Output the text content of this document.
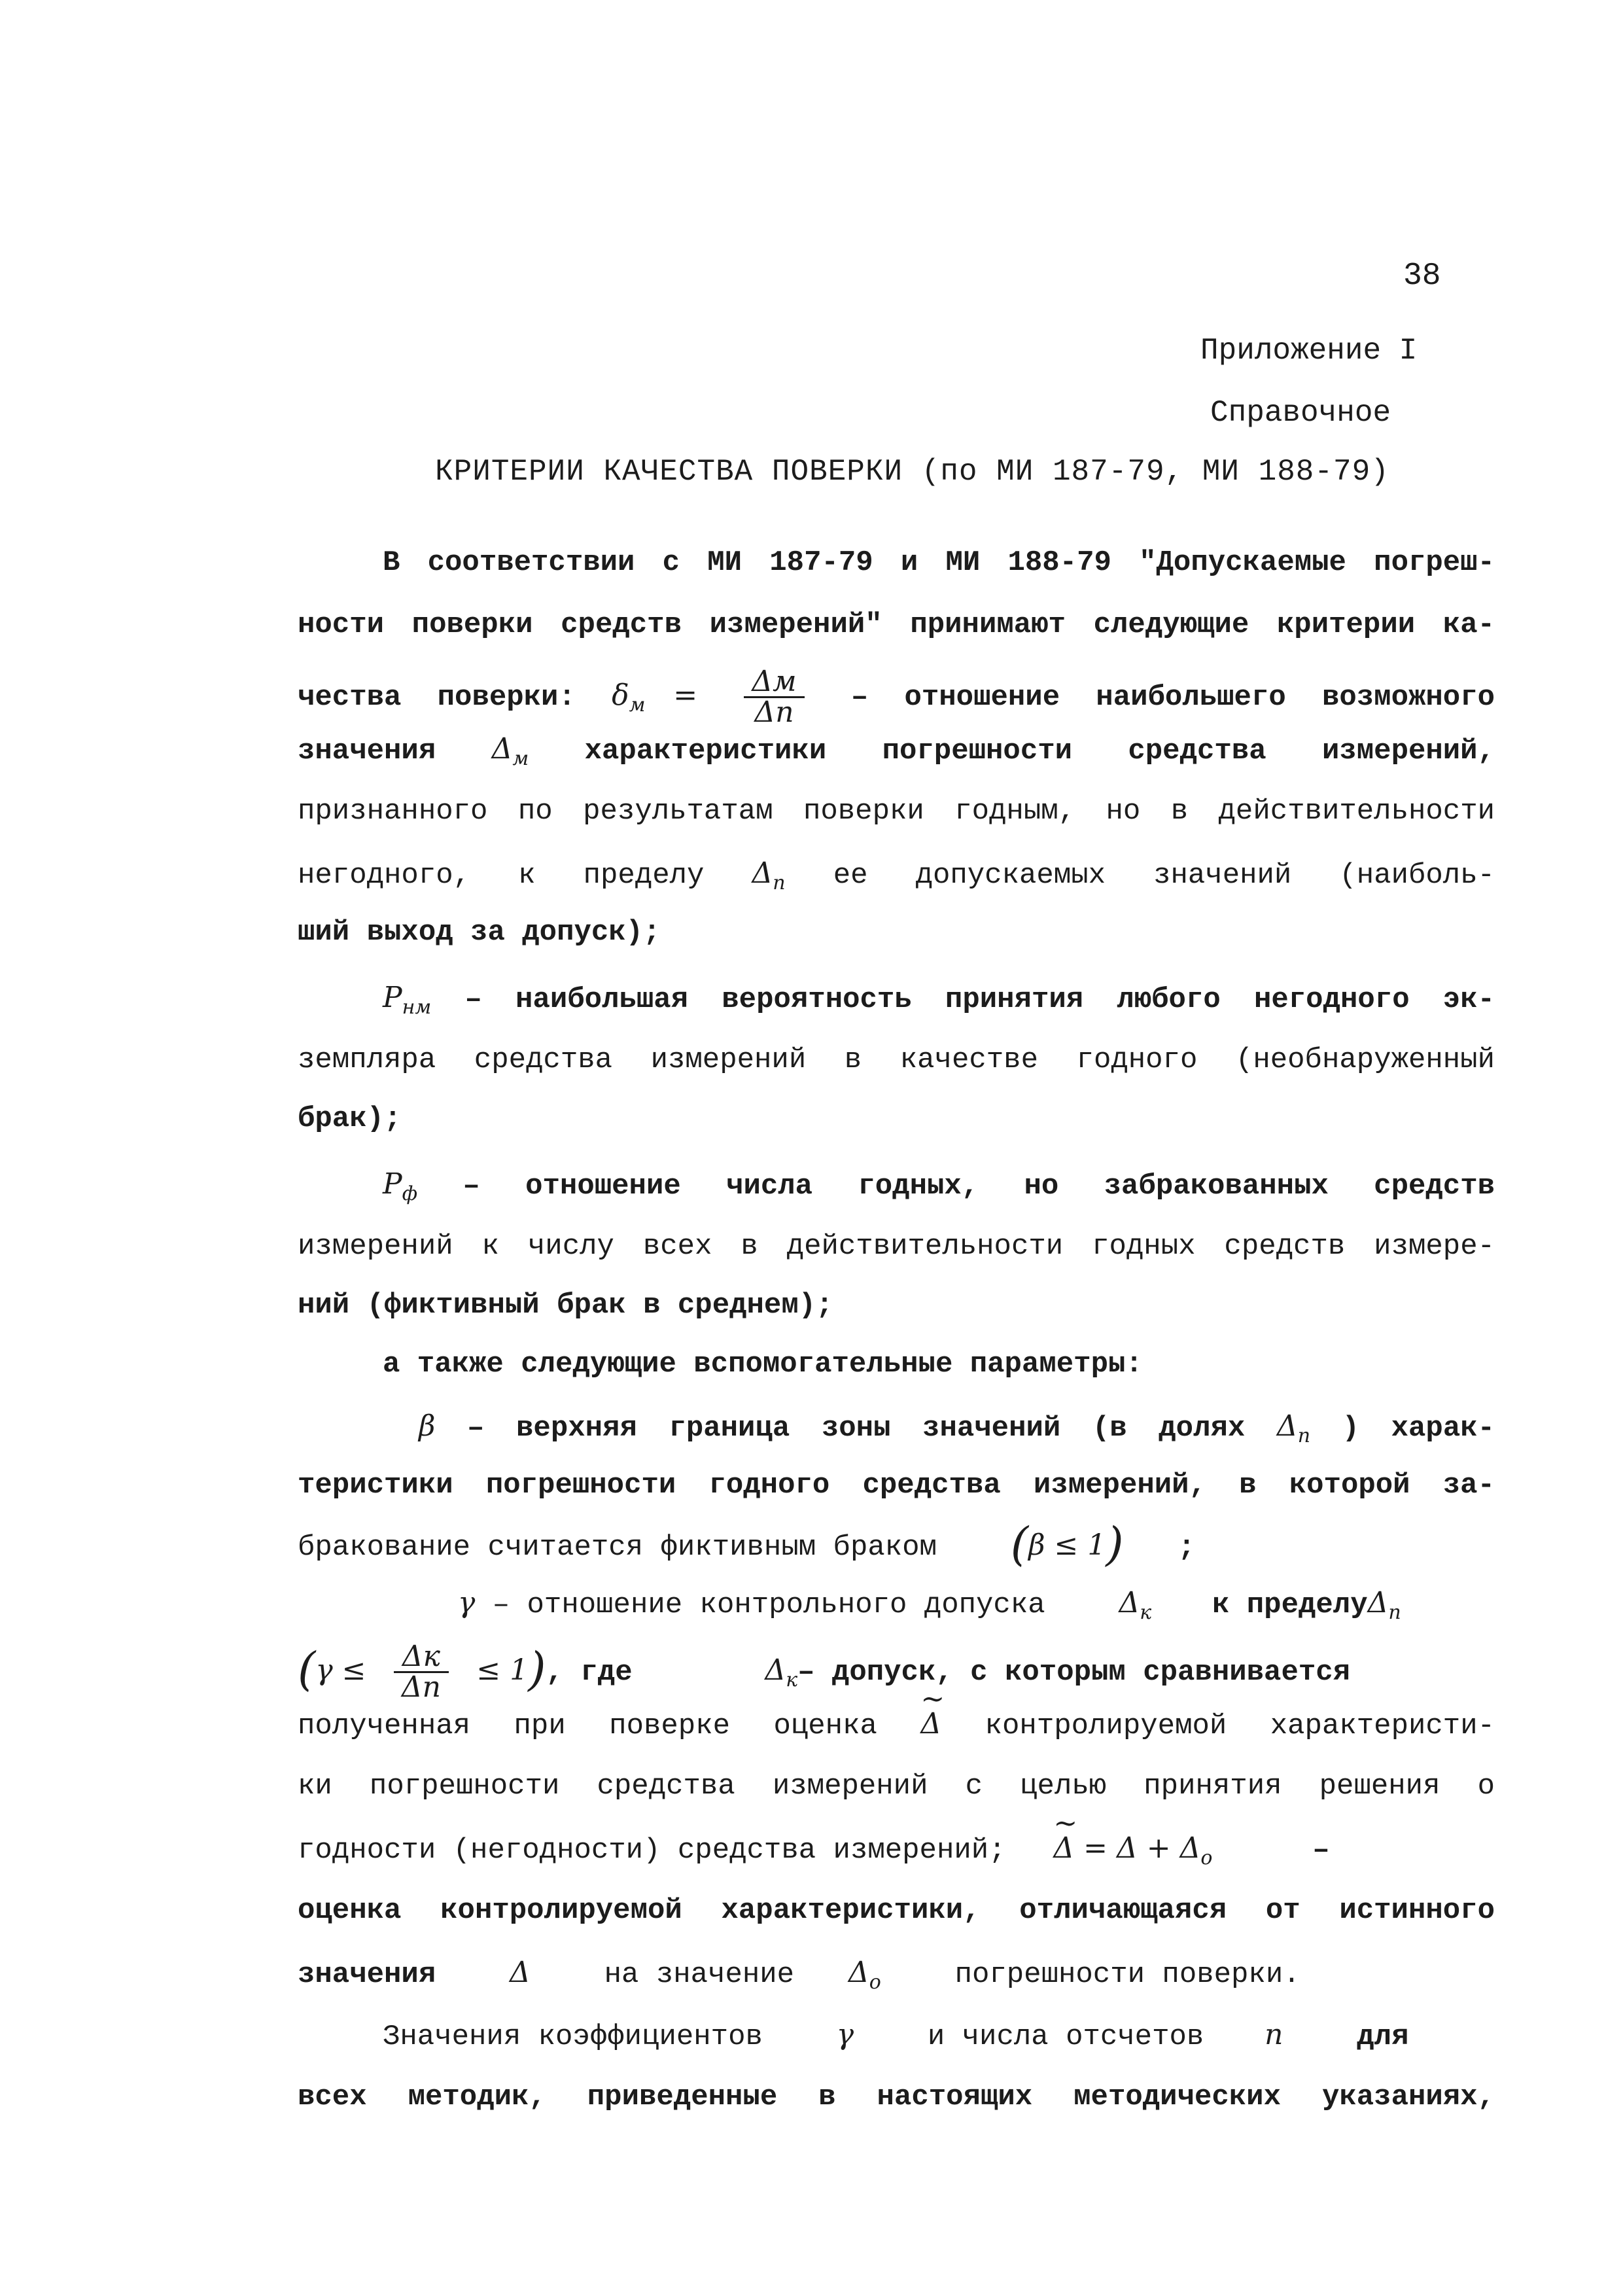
38
Приложение I
Справочное
КРИТЕРИИ КАЧЕСТВА ПОВЕРКИ (по МИ 187-79, МИ 188-79)
В соответствии с МИ 187-79 и МИ 188-79 "Допускаемые погреш-
ности поверки средств измерений" принимают следующие критерии ка-
чества поверки: $\delta_м = \frac{\Delta м}{\Delta п}$ – отношение наибольшего возможного
значения $\Delta_м$ характеристики погрешности средства измерений,
признанного по результатам поверки годным, но в действительности
негодного, к пределу $\Delta_п$ ее допускаемых значений (наиболь-
ший выход за допуск);
$P_{нм}$ – наибольшая вероятность принятия любого негодного эк-
земпляра средства измерений в качестве годного (необнаруженный
брак);
$P_ф$ – отношение числа годных, но забракованных средств
измерений к числу всех в действительности годных средств измере-
ний (фиктивный брак в среднем);
а также следующие вспомогательные параметры:
β – верхняя граница зоны значений (в долях $\Delta_п$ ) харак-
теристики погрешности годного средства измерений, в которой за-
бракование считается фиктивным браком (β ≤ 1) ;
γ – отношение контрольного допуска	$\Delta_к$ к пределуΔ$_п$
$(\gamma \le \frac{\Delta к}{\Delta п} \le 1)$, где	$\Delta_к-$ допуск, с которым сравнивается
полученная при поверке оценка ~ Δ контролируемой характеристи-
ки погрешности средства измерений с целью принятия решения о
годности (негодности) средства измерений; ~ $\Delta = \Delta + \Delta_о$	–
оценка контролируемой характеристики, отличающаяся от истинного
значения	Δ	на значение $\Delta_о$	погрешности поверки.
Значения коэффициентов	γ	и числа отсчетов n	для
всех методик, приведенные в настоящих методических указаниях,
